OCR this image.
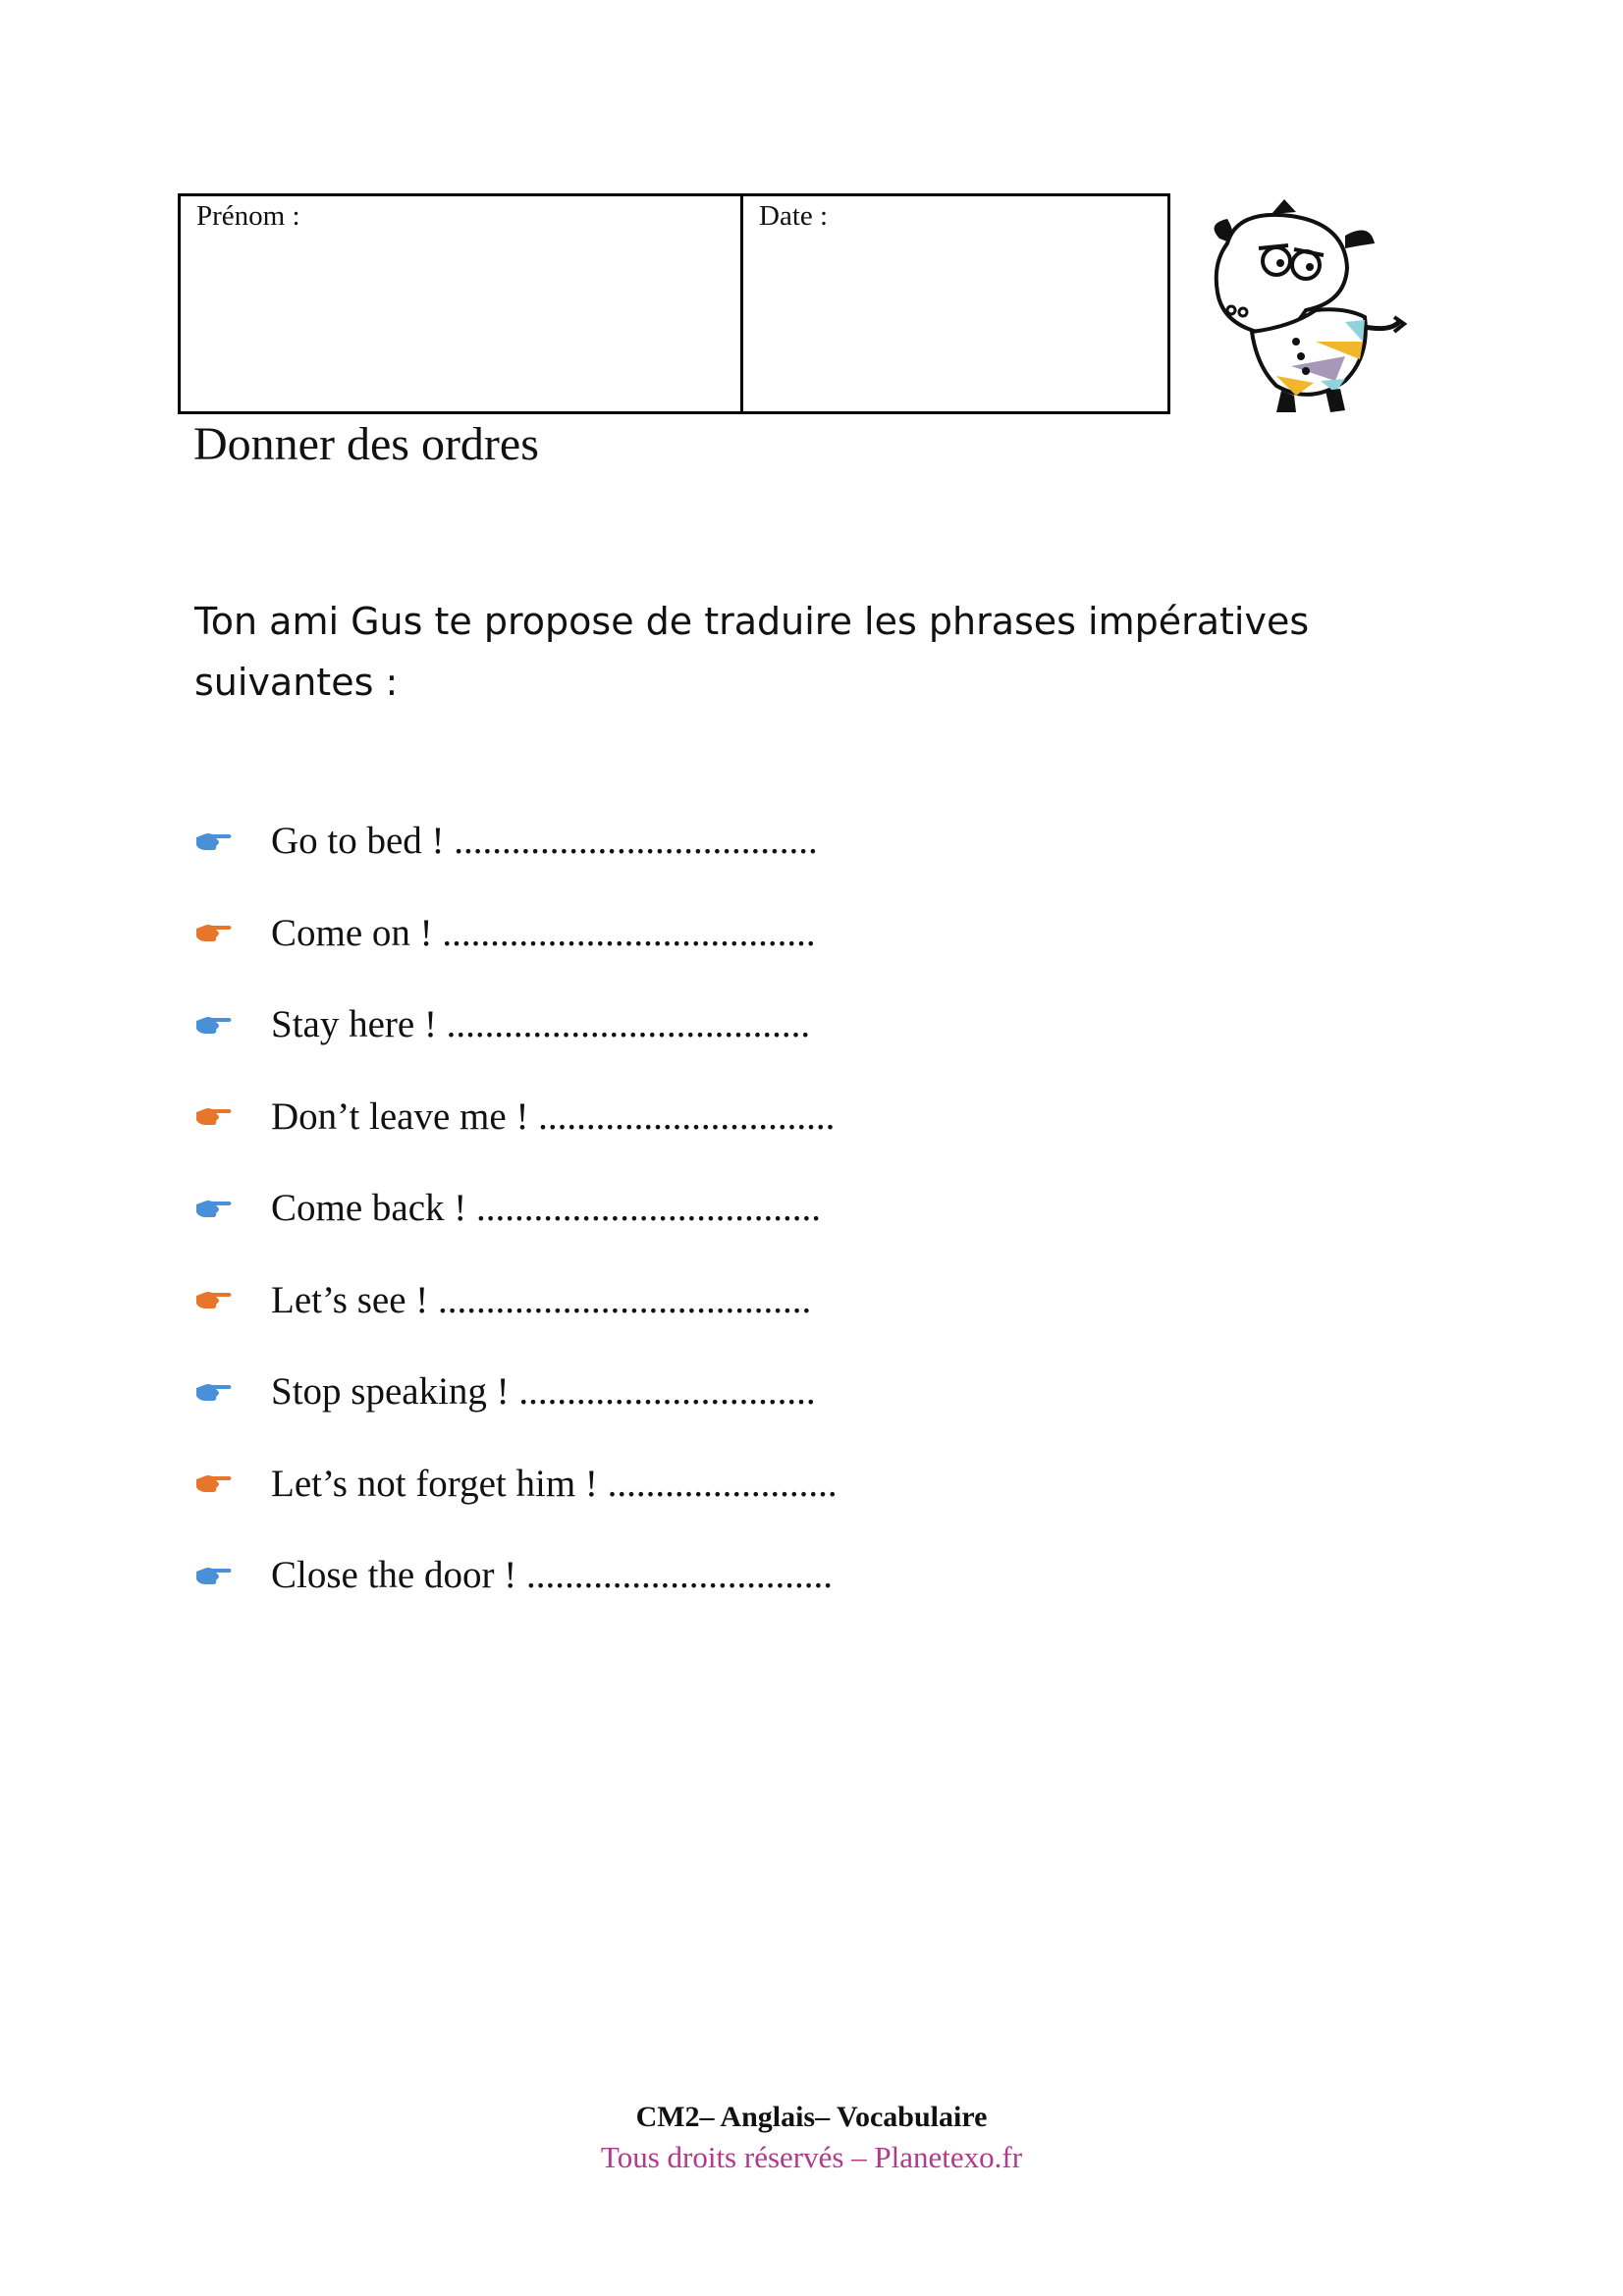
Prénom :	Date :
Donner des ordres

Ton ami Gus te propose de traduire les phrases impératives suivantes :

Go to bed ! ......................................
Come on ! .......................................
Stay here ! ......................................
Don’t leave me ! ...............................
Come back ! ....................................
Let’s see ! .......................................
Stop speaking ! ...............................
Let’s not forget him ! ........................
Close the door ! ................................
CM2– Anglais– Vocabulaire
Tous droits réservés – Planetexo.fr
